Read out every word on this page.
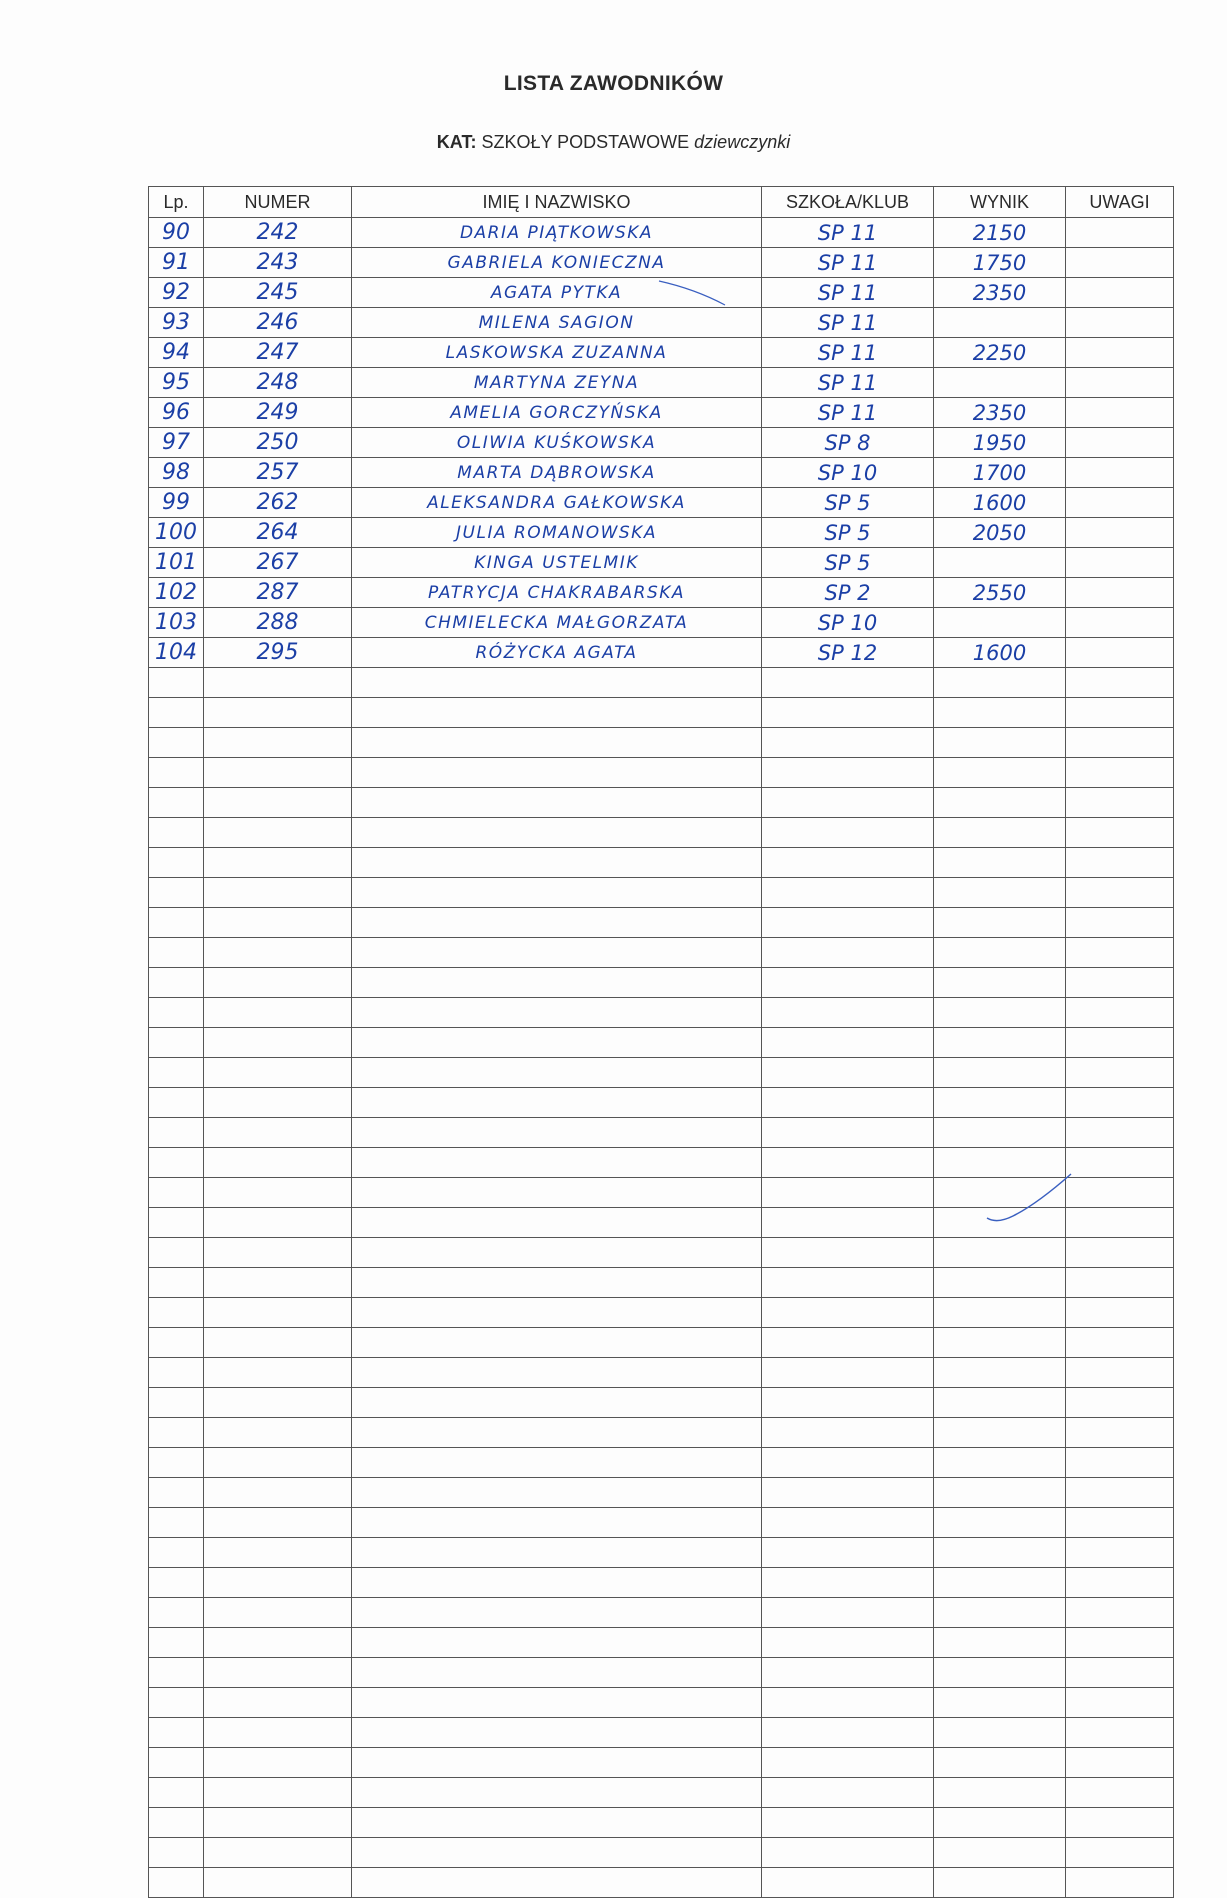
LISTA ZAWODNIKÓW
KAT: SZKOŁY PODSTAWOWE dziewczynki
Lp.	NUMER	IMIĘ I NAZWISKO	SZKOŁA/KLUB	WYNIK	UWAGI
90	242	DARIA PIĄTKOWSKA	SP 11	2150	
91	243	GABRIELA KONIECZNA	SP 11	1750	
92	245	AGATA PYTKA	SP 11	2350	
93	246	MILENA SAGION	SP 11		
94	247	LASKOWSKA ZUZANNA	SP 11	2250	
95	248	MARTYNA ZEYNA	SP 11		
96	249	AMELIA GORCZYŃSKA	SP 11	2350	
97	250	OLIWIA KUŚKOWSKA	SP 8	1950	
98	257	MARTA DĄBROWSKA	SP 10	1700	
99	262	ALEKSANDRA GAŁKOWSKA	SP 5	1600	
100	264	JULIA ROMANOWSKA	SP 5	2050	
101	267	KINGA USTELMIK	SP 5		
102	287	PATRYCJA CHAKRABARSKA	SP 2	2550	
103	288	CHMIELECKA MAŁGORZATA	SP 10		
104	295	RÓŻYCKA AGATA	SP 12	1600	
